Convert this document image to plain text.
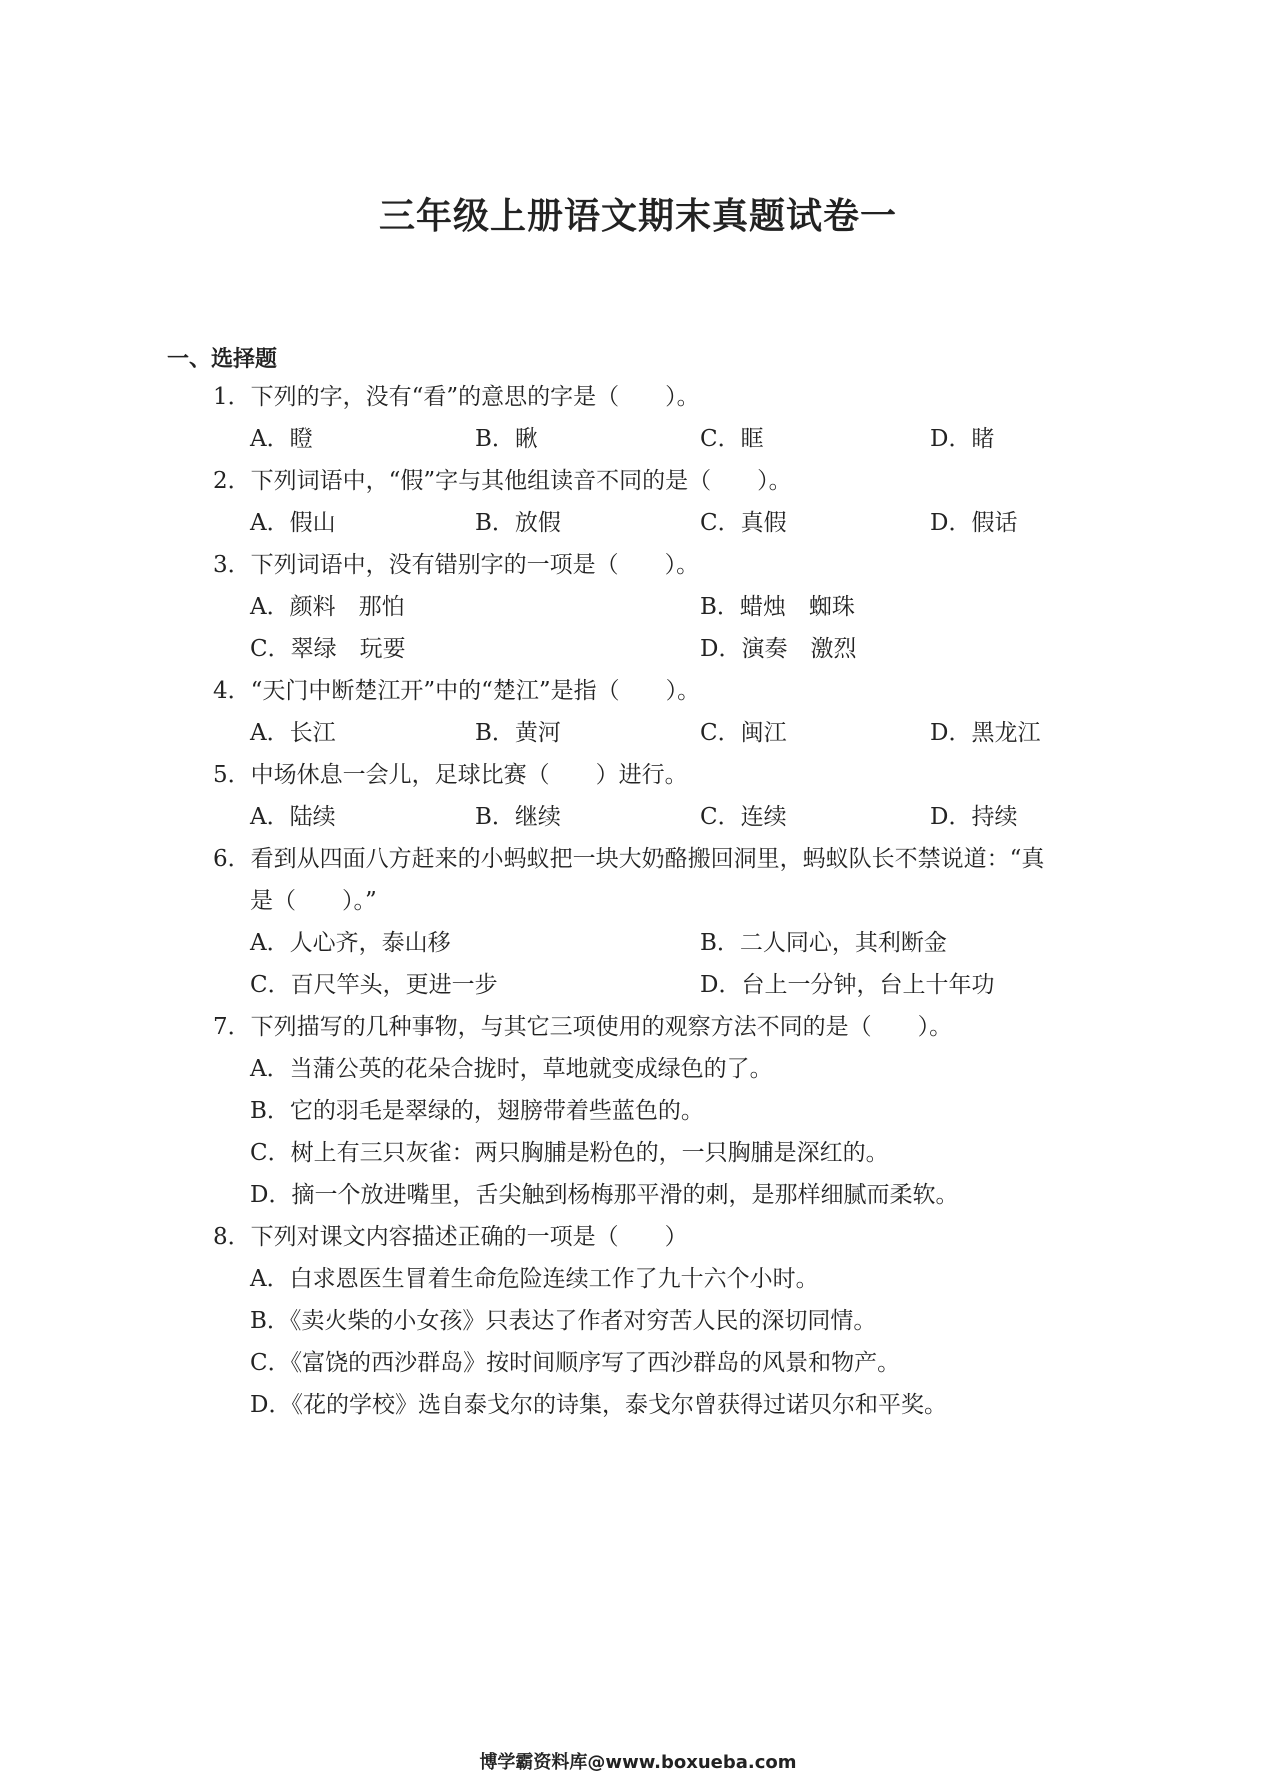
三年级上册语文期末真题试卷一
一、选择题
1．下列的字，没有“看”的意思的字是（　　）。
A．瞪	B．瞅	C．眶	D．睹
2．下列词语中，“假”字与其他组读音不同的是（　　）。
A．假山	B．放假	C．真假	D．假话
3．下列词语中，没有错别字的一项是（　　）。
A．颜料　那怕	B．蜡烛　蜘珠
C．翠绿　玩要	D．演奏　激烈
4．“天门中断楚江开”中的“楚江”是指（　　）。
A．长江	B．黄河	C．闽江	D．黑龙江
5．中场休息一会儿，足球比赛（　　）进行。
A．陆续	B．继续	C．连续	D．持续
6．看到从四面八方赶来的小蚂蚁把一块大奶酪搬回洞里，蚂蚁队长不禁说道：“真
是（　　）。”
A．人心齐，泰山移	B．二人同心，其利断金
C．百尺竿头，更进一步	D．台上一分钟，台上十年功
7．下列描写的几种事物，与其它三项使用的观察方法不同的是（　　）。
A．当蒲公英的花朵合拢时，草地就变成绿色的了。
B．它的羽毛是翠绿的，翅膀带着些蓝色的。
C．树上有三只灰雀：两只胸脯是粉色的，一只胸脯是深红的。
D．摘一个放进嘴里，舌尖触到杨梅那平滑的刺，是那样细腻而柔软。
8．下列对课文内容描述正确的一项是（　　）
A．白求恩医生冒着生命危险连续工作了九十六个小时。
B．《卖火柴的小女孩》只表达了作者对穷苦人民的深切同情。
C．《富饶的西沙群岛》按时间顺序写了西沙群岛的风景和物产。
D．《花的学校》选自泰戈尔的诗集，泰戈尔曾获得过诺贝尔和平奖。
博学霸资料库@www.boxueba.com
